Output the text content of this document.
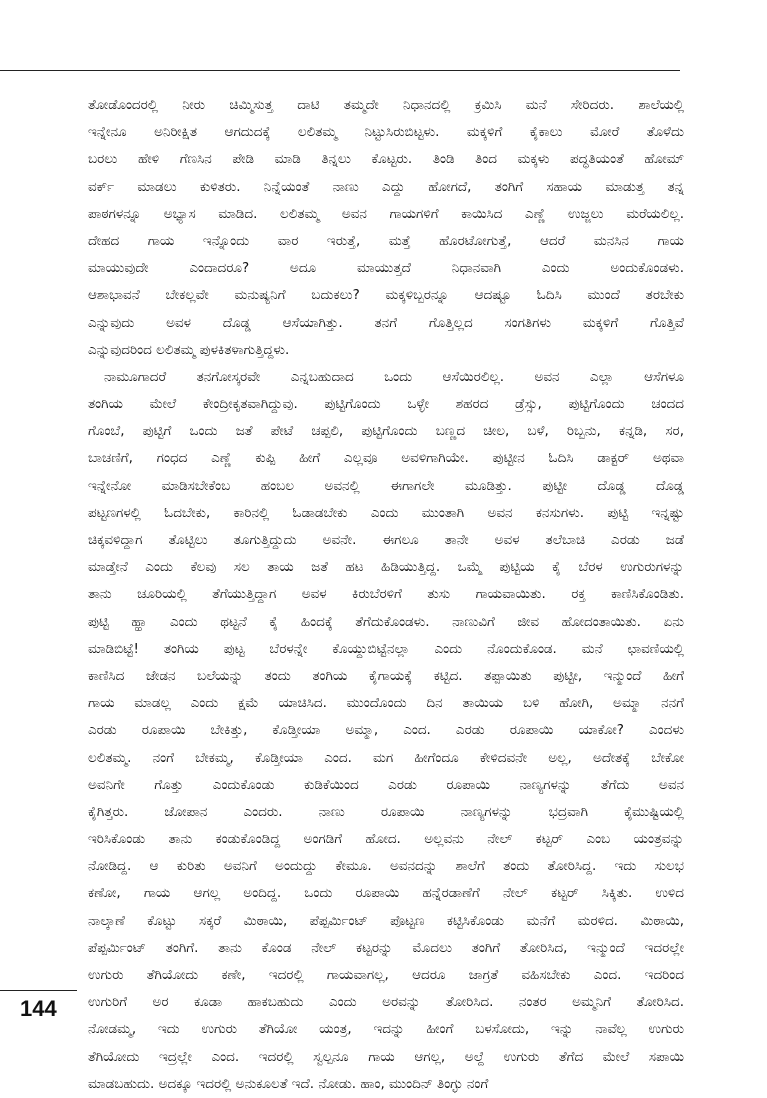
ತೋಡೊಂದರಲ್ಲಿ ನೀರು ಚಿಮ್ಮಿಸುತ್ತ ದಾಟಿ ತಮ್ಮದೇ ನಿಧಾನದಲ್ಲಿ ಕ್ರಮಿಸಿ ಮನೆ ಸೇರಿದರು. ಶಾಲೆಯಲ್ಲಿ
ಇನ್ನೇನೂ ಅನಿರೀಕ್ಷಿತ ಆಗದುದಕ್ಕೆ ಲಲಿತಮ್ಮ ನಿಟ್ಟುಸಿರುಬಿಟ್ಟಳು. ಮಕ್ಕಳಿಗೆ ಕೈಕಾಲು ಮೋರೆ ತೊಳೆದು
ಬರಲು ಹೇಳಿ ಗೆಣಸಿನ ಪೇಡಿ ಮಾಡಿ ತಿನ್ನಲು ಕೊಟ್ಟರು. ತಿಂಡಿ ತಿಂದ ಮಕ್ಕಳು ಪದ್ಧತಿಯಂತೆ ಹೋಮ್
ವರ್ಕ್ ಮಾಡಲು ಕುಳಿತರು. ನಿನ್ನೆಯಂತೆ ನಾಣು ಎದ್ದು ಹೋಗದೆ, ತಂಗಿಗೆ ಸಹಾಯ ಮಾಡುತ್ತ ತನ್ನ
ಪಾಠಗಳನ್ನೂ ಅಭ್ಯಾಸ ಮಾಡಿದ. ಲಲಿತಮ್ಮ ಅವನ ಗಾಯಗಳಿಗೆ ಕಾಯಿಸಿದ ಎಣ್ಣೆ ಉಜ್ಜಲು ಮರೆಯಲಿಲ್ಲ.
ದೇಹದ ಗಾಯ ಇನ್ನೊಂದು ವಾರ ಇರುತ್ತೆ, ಮತ್ತೆ ಹೊರಟೋಗುತ್ತೆ, ಆದರೆ ಮನಸಿನ ಗಾಯ
ಮಾಯುವುದೇ ಎಂದಾದರೂ? ಅದೂ ಮಾಯುತ್ತದೆ ನಿಧಾನವಾಗಿ ಎಂದು ಅಂದುಕೊಂಡಳು.
ಆಶಾಭಾವನೆ ಬೇಕಲ್ಲವೇ ಮನುಷ್ಯನಿಗೆ ಬದುಕಲು? ಮಕ್ಕಳಿಬ್ಬರನ್ನೂ ಆದಷ್ಟೂ ಓದಿಸಿ ಮುಂದೆ ತರಬೇಕು
ಎನ್ನುವುದು ಅವಳ ದೊಡ್ಡ ಆಸೆಯಾಗಿತ್ತು. ತನಗೆ ಗೊತ್ತಿಲ್ಲದ ಸಂಗತಿಗಳು ಮಕ್ಕಳಿಗೆ ಗೊತ್ತಿವೆ
ಎನ್ನುವುದರಿಂದ ಲಲಿತಮ್ಮ ಪುಳಕಿತಳಾಗುತ್ತಿದ್ದಳು.
ನಾಮೂಗಾದರೆ ತನಗೋಸ್ಕರವೇ ಎನ್ನಬಹುದಾದ ಒಂದು ಆಸೆಯಿರಲಿಲ್ಲ. ಅವನ ಎಲ್ಲಾ ಆಸೆಗಳೂ
ತಂಗಿಯ ಮೇಲೆ ಕೇಂದ್ರೀಕೃತವಾಗಿದ್ದುವು. ಪುಟ್ಟಿಗೊಂದು ಒಳ್ಳೇ ಶಹರದ ಡ್ರೆಸ್ಸು, ಪುಟ್ಟಿಗೊಂದು ಚಂದದ
ಗೊಂಬೆ, ಪುಟ್ಟಿಗೆ ಒಂದು ಜತೆ ಪೇಟೆ ಚಪ್ಪಲಿ, ಪುಟ್ಟಿಗೊಂದು ಬಣ್ಣದ ಚೀಲ, ಬಳೆ, ರಿಬ್ಬನು, ಕನ್ನಡಿ, ಸರ,
ಬಾಚಣಿಗೆ, ಗಂಧದ ಎಣ್ಣೆ ಕುಪ್ಪಿ ಹೀಗೆ ಎಲ್ಲವೂ ಅವಳಿಗಾಗಿಯೇ. ಪುಟ್ಟೀನ ಓದಿಸಿ ಡಾಕ್ಟರ್ ಅಥವಾ
ಇನ್ನೇನೋ ಮಾಡಿಸಬೇಕೆಂಬ ಹಂಬಲ ಅವನಲ್ಲಿ ಈಗಾಗಲೇ ಮೂಡಿತ್ತು. ಪುಟ್ಟೀ ದೊಡ್ಡ ದೊಡ್ಡ
ಪಟ್ಟಣಗಳಲ್ಲಿ ಓದಬೇಕು, ಕಾರಿನಲ್ಲಿ ಓಡಾಡಬೇಕು ಎಂದು ಮುಂತಾಗಿ ಅವನ ಕನಸುಗಳು. ಪುಟ್ಟಿ ಇನ್ನಷ್ಟು
ಚಿಕ್ಕವಳಿದ್ದಾಗ ತೊಟ್ಟಿಲು ತೂಗುತ್ತಿದ್ದುದು ಅವನೇ. ಈಗಲೂ ತಾನೇ ಅವಳ ತಲೆಬಾಚಿ ಎರಡು ಜಡೆ
ಮಾಡ್ತೇನೆ ಎಂದು ಕೆಲವು ಸಲ ತಾಯ ಜತೆ ಹಟ ಹಿಡಿಯುತ್ತಿದ್ದ. ಒಮ್ಮೆ ಪುಟ್ಟಿಯ ಕೈ ಬೆರಳ ಉಗುರುಗಳನ್ನು
ತಾನು ಚೂರಿಯಲ್ಲಿ ತೆಗೆಯುತ್ತಿದ್ದಾಗ ಅವಳ ಕಿರುಬೆರಳಿಗೆ ತುಸು ಗಾಯವಾಯಿತು. ರಕ್ತ ಕಾಣಿಸಿಕೊಂಡಿತು.
ಪುಟ್ಟಿ ಹ್ಹಾ ಎಂದು ಥಟ್ಟನೆ ಕೈ ಹಿಂದಕ್ಕೆ ತೆಗೆದುಕೊಂಡಳು. ನಾಣುವಿಗೆ ಜೀವ ಹೋದಂತಾಯಿತು. ಏನು
ಮಾಡಿಬಿಟ್ಟೆ! ತಂಗಿಯ ಪುಟ್ಟ ಬೆರಳನ್ನೇ ಕೊಯ್ದುಬಿಟ್ಟೆನಲ್ಲಾ ಎಂದು ನೊಂದುಕೊಂಡ. ಮನೆ ಛಾವಣಿಯಲ್ಲಿ
ಕಾಣಿಸಿದ ಜೇಡನ ಬಲೆಯನ್ನು ತಂದು ತಂಗಿಯ ಕೈಗಾಯಕ್ಕೆ ಕಟ್ಟಿದ. ತಪ್ಪಾಯಿತು ಪುಟ್ಟೀ, ಇನ್ಮುಂದೆ ಹೀಗೆ
ಗಾಯ ಮಾಡಲ್ಲ ಎಂದು ಕ್ಷಮೆ ಯಾಚಿಸಿದ. ಮುಂದೊಂದು ದಿನ ತಾಯಿಯ ಬಳಿ ಹೋಗಿ, ಅಮ್ಮಾ ನನಗೆ
ಎರಡು ರೂಪಾಯಿ ಬೇಕಿತ್ತು, ಕೊಡ್ತೀಯಾ ಅಮ್ಮಾ, ಎಂದ. ಎರಡು ರೂಪಾಯಿ ಯಾಕೋ? ಎಂದಳು
ಲಲಿತಮ್ಮ. ನಂಗೆ ಬೇಕಮ್ಮ, ಕೊಡ್ತೀಯಾ ಎಂದ. ಮಗ ಹೀಗೆಂದೂ ಕೇಳಿದವನೇ ಅಲ್ಲ, ಅದೇತಕ್ಕೆ ಬೇಕೋ
ಅವನಿಗೇ ಗೊತ್ತು ಎಂದುಕೊಂಡು ಕುಡಿಕೆಯಿಂದ ಎರಡು ರೂಪಾಯಿ ನಾಣ್ಯಗಳನ್ನು ತೆಗೆದು ಅವನ
ಕೈಗಿತ್ತರು. ಜೋಪಾನ ಎಂದರು. ನಾಣು ರೂಪಾಯಿ ನಾಣ್ಯಗಳನ್ನು ಭದ್ರವಾಗಿ ಕೈಮುಷ್ಟಿಯಲ್ಲಿ
ಇರಿಸಿಕೊಂಡು ತಾನು ಕಂಡುಕೊಂಡಿದ್ದ ಅಂಗಡಿಗೆ ಹೋದ. ಅಲ್ಲವನು ನೇಲ್ ಕಟ್ಟರ್ ಎಂಬ ಯಂತ್ರವನ್ನು
ನೋಡಿದ್ದ. ಆ ಕುರಿತು ಅವನಿಗೆ ಅಂದುದ್ದು ಕೇಮೂ. ಅವನದನ್ನು ಶಾಲೆಗೆ ತಂದು ತೋರಿಸಿದ್ದ. ಇದು ಸುಲಭ
ಕಣೋ, ಗಾಯ ಆಗಲ್ಲ ಅಂದಿದ್ದ. ಒಂದು ರೂಪಾಯಿ ಹನ್ನೆರಡಾಣೆಗೆ ನೇಲ್ ಕಟ್ಟರ್ ಸಿಕ್ಕಿತು. ಉಳಿದ
ನಾಲ್ಕಾಣೆ ಕೊಟ್ಟು ಸಕ್ಕರೆ ಮಿಠಾಯಿ, ಪೆಪ್ಪರ್ಮಿಂಟ್ ಪೊಟ್ಟಣ ಕಟ್ಟಿಸಿಕೊಂಡು ಮನೆಗೆ ಮರಳಿದ. ಮಿಠಾಯಿ,
ಪೆಪ್ಪರ್ಮಿಂಟ್ ತಂಗಿಗೆ. ತಾನು ಕೊಂಡ ನೇಲ್ ಕಟ್ಟರನ್ನು ಮೊದಲು ತಂಗಿಗೆ ತೋರಿಸಿದ, ಇನ್ಮುಂದೆ ಇದರಲ್ಲೇ
ಉಗುರು ತೆಗಿಯೋದು ಕಣೇ, ಇದರಲ್ಲಿ ಗಾಯವಾಗಲ್ಲ, ಆದರೂ ಜಾಗ್ರತೆ ವಹಿಸಬೇಕು ಎಂದ. ಇದರಿಂದ
ಉಗುರಿಗೆ ಅರ ಕೂಡಾ ಹಾಕಬಹುದು ಎಂದು ಅರವನ್ನು ತೋರಿಸಿದ. ನಂತರ ಅಮ್ಮನಿಗೆ ತೋರಿಸಿದ.
ನೋಡಮ್ಮ, ಇದು ಉಗುರು ತೆಗಿಯೋ ಯಂತ್ರ, ಇದನ್ನು ಹೀಂಗೆ ಬಳಸೋದು, ಇನ್ನು ನಾವೆಲ್ಲ ಉಗುರು
ತೆಗಿಯೋದು ಇದ್ರಲ್ಲೇ ಎಂದ. ಇದರಲ್ಲಿ ಸ್ವಲ್ಪನೂ ಗಾಯ ಆಗಲ್ಲ, ಅಲ್ದೆ ಉಗುರು ತೆಗೆದ ಮೇಲೆ ಸಪಾಯಿ
ಮಾಡಬಹುದು. ಅದಕ್ಕೂ ಇದರಲ್ಲಿ ಅನುಕೂಲತೆ ಇದೆ. ನೋಡು. ಹಾಂ, ಮುಂದಿನ್ ತಿಂಗ್ಳು ನಂಗೆ
144
